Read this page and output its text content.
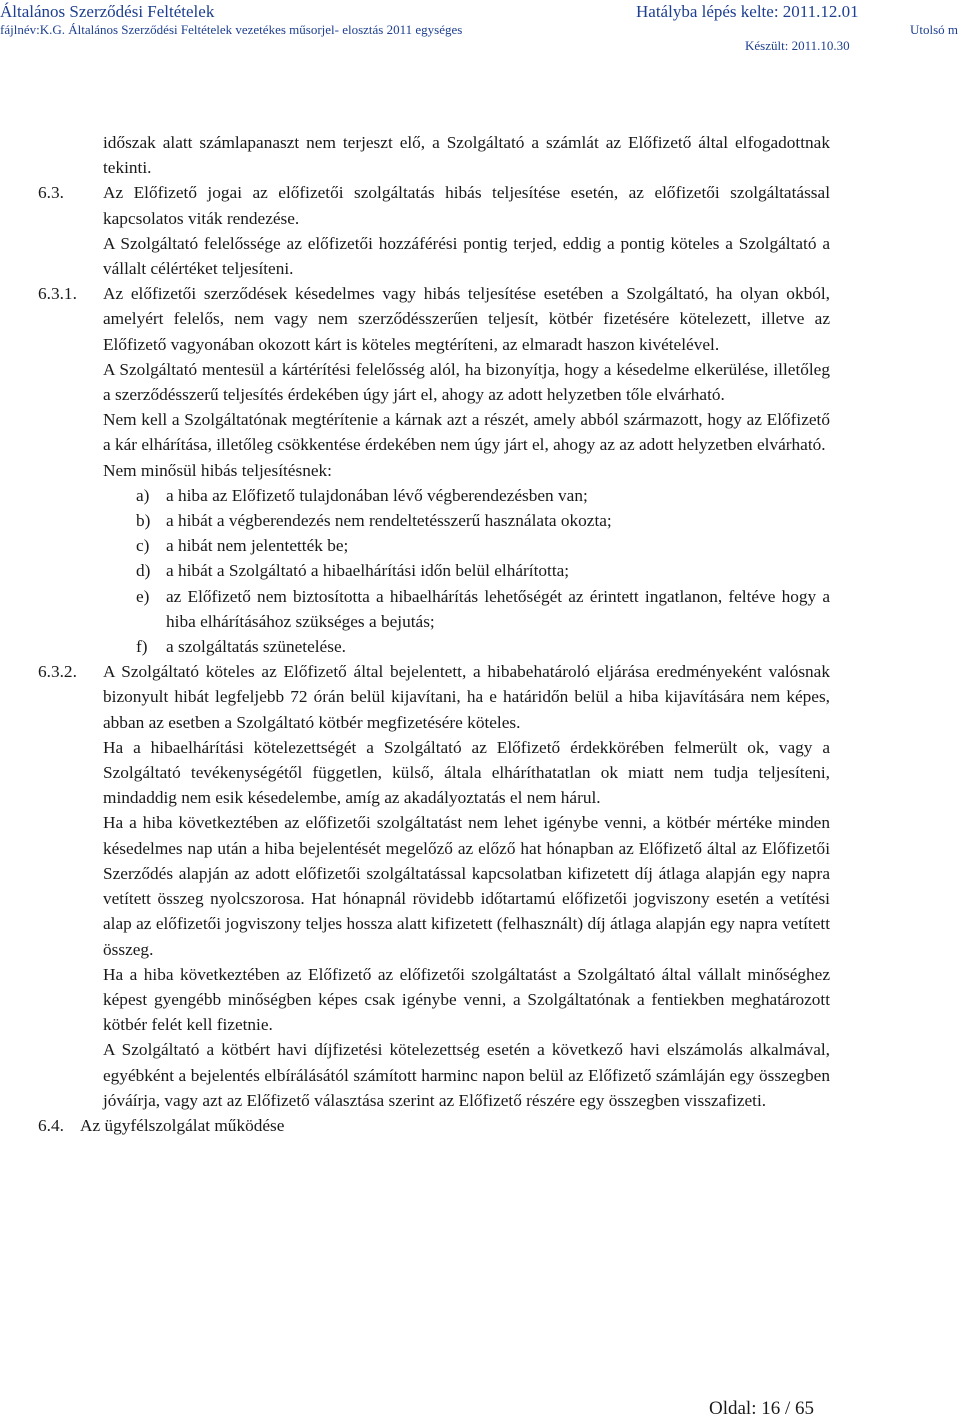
Általános Szerződési Feltételek
fájlnév:K.G. Általános Szerződési Feltételek vezetékes műsorjel- elosztás 2011 egységes
Hatályba lépés kelte: 2011.12.01
Készült: 2011.10.30
Utolsó m

időszak alatt számlapanaszt nem terjeszt elő, a Szolgáltató a számlát az Előfizető által elfogadottnak tekinti.

6.3. Az Előfizető jogai az előfizetői szolgáltatás hibás teljesítése esetén, az előfizetői szolgáltatással kapcsolatos viták rendezése.

A Szolgáltató felelőssége az előfizetői hozzáférési pontig terjed, eddig a pontig köteles a Szolgáltató a vállalt célértéket teljesíteni.

6.3.1. Az előfizetői szerződések késedelmes vagy hibás teljesítése esetében a Szolgáltató, ha olyan okból, amelyért felelős, nem vagy nem szerződésszerűen teljesít, kötbér fizetésére kötelezett, illetve az Előfizető vagyonában okozott kárt is köteles megtéríteni, az elmaradt haszon kivételével.

A Szolgáltató mentesül a kártérítési felelősség alól, ha bizonyítja, hogy a késedelme elkerülése, illetőleg a szerződésszerű teljesítés érdekében úgy járt el, ahogy az adott helyzetben tőle elvárható.

Nem kell a Szolgáltatónak megtérítenie a kárnak azt a részét, amely abból származott, hogy az Előfizető a kár elhárítása, illetőleg csökkentése érdekében nem úgy járt el, ahogy az az adott helyzetben elvárható.

Nem minősül hibás teljesítésnek:

a) a hiba az Előfizető tulajdonában lévő végberendezésben van;
b) a hibát a végberendezés nem rendeltetésszerű használata okozta;
c) a hibát nem jelentették be;
d) a hibát a Szolgáltató a hibaelhárítási időn belül elhárította;
e) az Előfizető nem biztosította a hibaelhárítás lehetőségét az érintett ingatlanon, feltéve hogy a hiba elhárításához szükséges a bejutás;
f) a szolgáltatás szünetelése.
6.3.2. A Szolgáltató köteles az Előfizető által bejelentett, a hibabehatároló eljárása eredményeként valósnak bizonyult hibát legfeljebb 72 órán belül kijavítani, ha e határidőn belül a hiba kijavítására nem képes, abban az esetben a Szolgáltató kötbér megfizetésére köteles.

Ha a hibaelhárítási kötelezettségét a Szolgáltató az Előfizető érdekkörében felmerült ok, vagy a Szolgáltató tevékenységétől független, külső, általa elháríthatatlan ok miatt nem tudja teljesíteni, mindaddig nem esik késedelembe, amíg az akadályoztatás el nem hárul.

Ha a hiba következtében az előfizetői szolgáltatást nem lehet igénybe venni, a kötbér mértéke minden késedelmes nap után a hiba bejelentését megelőző az előző hat hónapban az Előfizető által az Előfizetői Szerződés alapján az adott előfizetői szolgáltatással kapcsolatban kifizetett díj átlaga alapján egy napra vetített összeg nyolcszorosa. Hat hónapnál rövidebb időtartamú előfizetői jogviszony esetén a vetítési alap az előfizetői jogviszony teljes hossza alatt kifizetett (felhasznált) díj átlaga alapján egy napra vetített összeg.

Ha a hiba következtében az Előfizető az előfizetői szolgáltatást a Szolgáltató által vállalt minőséghez képest gyengébb minőségben képes csak igénybe venni, a Szolgáltatónak a fentiekben meghatározott kötbér felét kell fizetnie.

A Szolgáltató a kötbért havi díjfizetési kötelezettség esetén a következő havi elszámolás alkalmával, egyébként a bejelentés elbírálásától számított harminc napon belül az Előfizető számláján egy összegben jóváírja, vagy azt az Előfizető választása szerint az Előfizető részére egy összegben visszafizeti.

6.4. Az ügyfélszolgálat működése
Oldal: 16 / 65
